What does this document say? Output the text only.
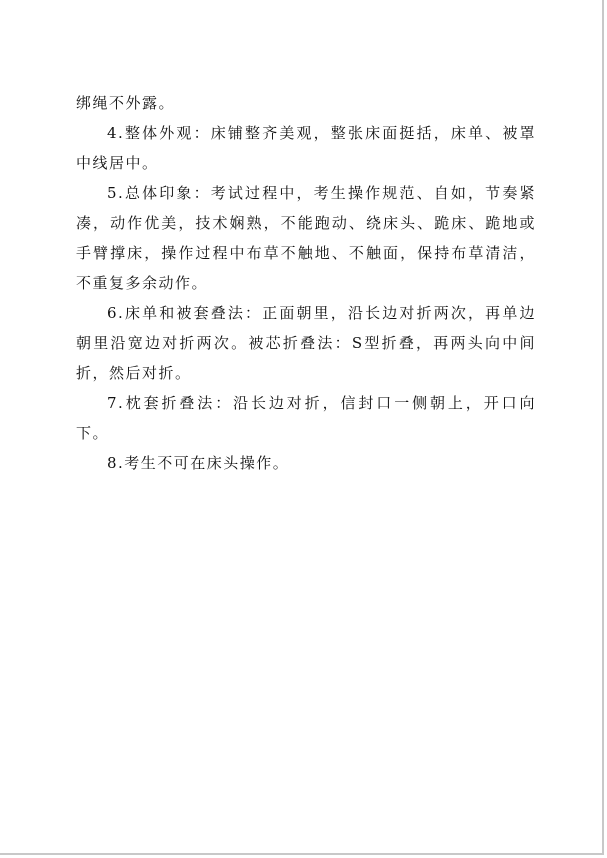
绑绳不外露。

4.整体外观：床铺整齐美观，整张床面挺括，床单、被罩中线居中。

5.总体印象：考试过程中，考生操作规范、自如，节奏紧凑，动作优美，技术娴熟，不能跑动、绕床头、跪床、跪地或手臂撑床，操作过程中布草不触地、不触面，保持布草清洁，不重复多余动作。

6.床单和被套叠法：正面朝里，沿长边对折两次，再单边朝里沿宽边对折两次。被芯折叠法：S型折叠，再两头向中间折，然后对折。

7.枕套折叠法：沿长边对折，信封口一侧朝上，开口向下。

8.考生不可在床头操作。
